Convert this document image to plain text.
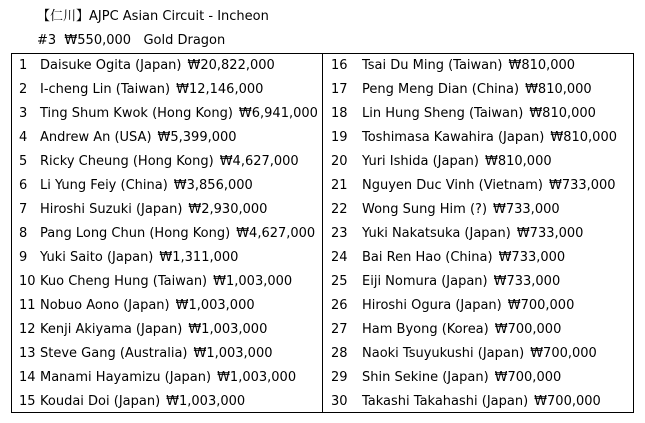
【仁川】AJPC Asian Circuit - Incheon
#3  ₩550,000   Gold Dragon
1 Daisuke Ogita (Japan) ₩20,822,000
2 I-cheng Lin (Taiwan) ₩12,146,000
3 Ting Shum Kwok (Hong Kong) ₩6,941,000
4 Andrew An (USA) ₩5,399,000
5 Ricky Cheung (Hong Kong) ₩4,627,000
6 Li Yung Feiy (China) ₩3,856,000
7 Hiroshi Suzuki (Japan) ₩2,930,000
8 Pang Long Chun (Hong Kong) ₩4,627,000
9 Yuki Saito (Japan) ₩1,311,000
10 Kuo Cheng Hung (Taiwan) ₩1,003,000
11 Nobuo Aono (Japan) ₩1,003,000
12 Kenji Akiyama (Japan) ₩1,003,000
13 Steve Gang (Australia) ₩1,003,000
14 Manami Hayamizu (Japan) ₩1,003,000
15 Koudai Doi (Japan) ₩1,003,000
16	Tsai Du Ming (Taiwan) ₩810,000
17	Peng Meng Dian (China) ₩810,000
18	Lin Hung Sheng (Taiwan) ₩810,000
19	Toshimasa Kawahira (Japan) ₩810,000
20	Yuri Ishida (Japan) ₩810,000
21	Nguyen Duc Vinh (Vietnam) ₩733,000
22	Wong Sung Him (?) ₩733,000
23	Yuki Nakatsuka (Japan) ₩733,000
24	Bai Ren Hao (China) ₩733,000
25	Eiji Nomura (Japan) ₩733,000
26	Hiroshi Ogura (Japan) ₩700,000
27	Ham Byong (Korea) ₩700,000
28	Naoki Tsuyukushi (Japan) ₩700,000
29	Shin Sekine (Japan) ₩700,000
30	Takashi Takahashi (Japan) ₩700,000
